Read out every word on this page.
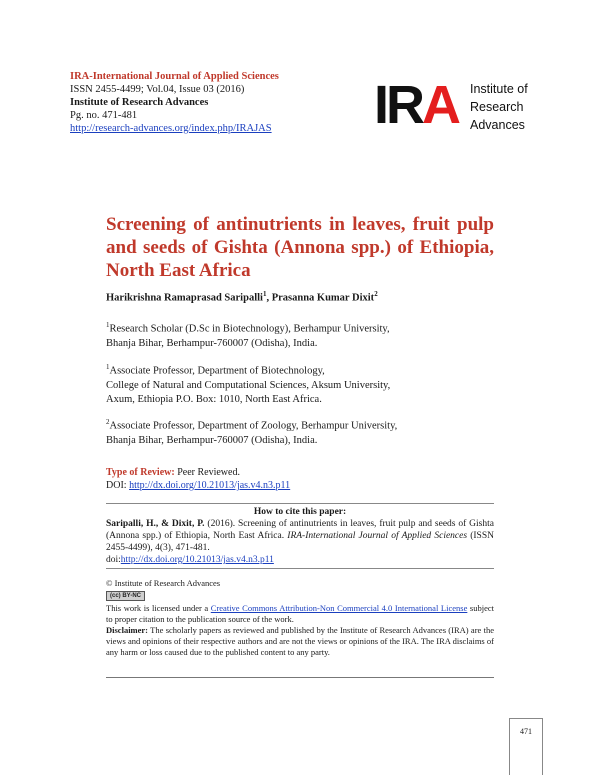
IRA-International Journal of Applied Sciences
ISSN 2455-4499; Vol.04, Issue 03 (2016)
Institute of Research Advances
Pg. no. 471-481
http://research-advances.org/index.php/IRAJAS IRA Institute of
Research
Advances
Screening of antinutrients in leaves, fruit pulp and seeds of Gishta (Annona spp.) of Ethiopia, North East Africa
Harikrishna Ramaprasad Saripalli$^1$, Prasanna Kumar Dixit$^2$
$^1$Research Scholar (D.Sc in Biotechnology), Berhampur University,
Bhanja Bihar, Berhampur-760007 (Odisha), India.
$^1$Associate Professor, Department of Biotechnology,
College of Natural and Computational Sciences, Aksum University,
Axum, Ethiopia P.O. Box: 1010, North East Africa.
$^2$Associate Professor, Department of Zoology, Berhampur University,
Bhanja Bihar, Berhampur-760007 (Odisha), India.
Type of Review: Peer Reviewed.
DOI: http://dx.doi.org/10.21013/jas.v4.n3.p11
How to cite this paper:
Saripalli, H., & Dixit, P. (2016). Screening of antinutrients in leaves, fruit pulp and seeds of Gishta (Annona spp.) of Ethiopia, North East Africa. IRA-International Journal of Applied Sciences (ISSN 2455-4499), 4(3), 471-481.
doi:http://dx.doi.org/10.21013/jas.v4.n3.p11
© Institute of Research Advances
(cc) BY-NC
This work is licensed under a Creative Commons Attribution-Non Commercial 4.0 International License subject to proper citation to the publication source of the work.
Disclaimer: The scholarly papers as reviewed and published by the Institute of Research Advances (IRA) are the views and opinions of their respective authors and are not the views or opinions of the IRA. The IRA disclaims of any harm or loss caused due to the published content to any party.
471
